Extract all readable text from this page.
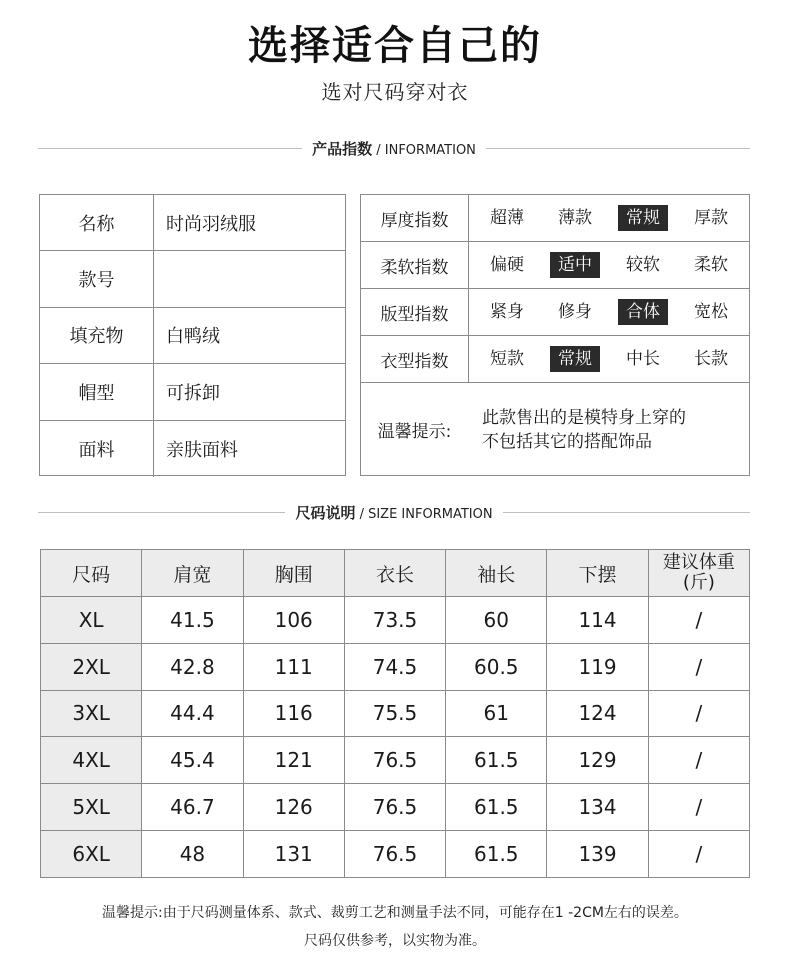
选择适合自己的
选对尺码穿对衣
产品指数 / INFORMATION
名称	时尚羽绒服
款号
填充物	白鸭绒
帽型	可拆卸
面料	亲肤面料
厚度指数	超薄	薄款	常规	厚款
柔软指数	偏硬	适中	较软	柔软
版型指数	紧身	修身	合体	宽松
衣型指数	短款	常规	中长	长款
温馨提示:
此款售出的是模特身上穿的
不包括其它的搭配饰品
尺码说明 / SIZE INFORMATION
尺码	肩宽	胸围	衣长	袖长	下摆	建议体重
(斤)

XL	41.5	106	73.5	60	114	/
2XL	42.8	111	74.5	60.5	119	/
3XL	44.4	116	75.5	61	124	/
4XL	45.4	121	76.5	61.5	129	/
5XL	46.7	126	76.5	61.5	134	/
6XL	48	131	76.5	61.5	139	/
温馨提示:由于尺码测量体系、款式、裁剪工艺和测量手法不同，可能存在1 -2CM左右的误差。
尺码仅供参考，以实物为准。
